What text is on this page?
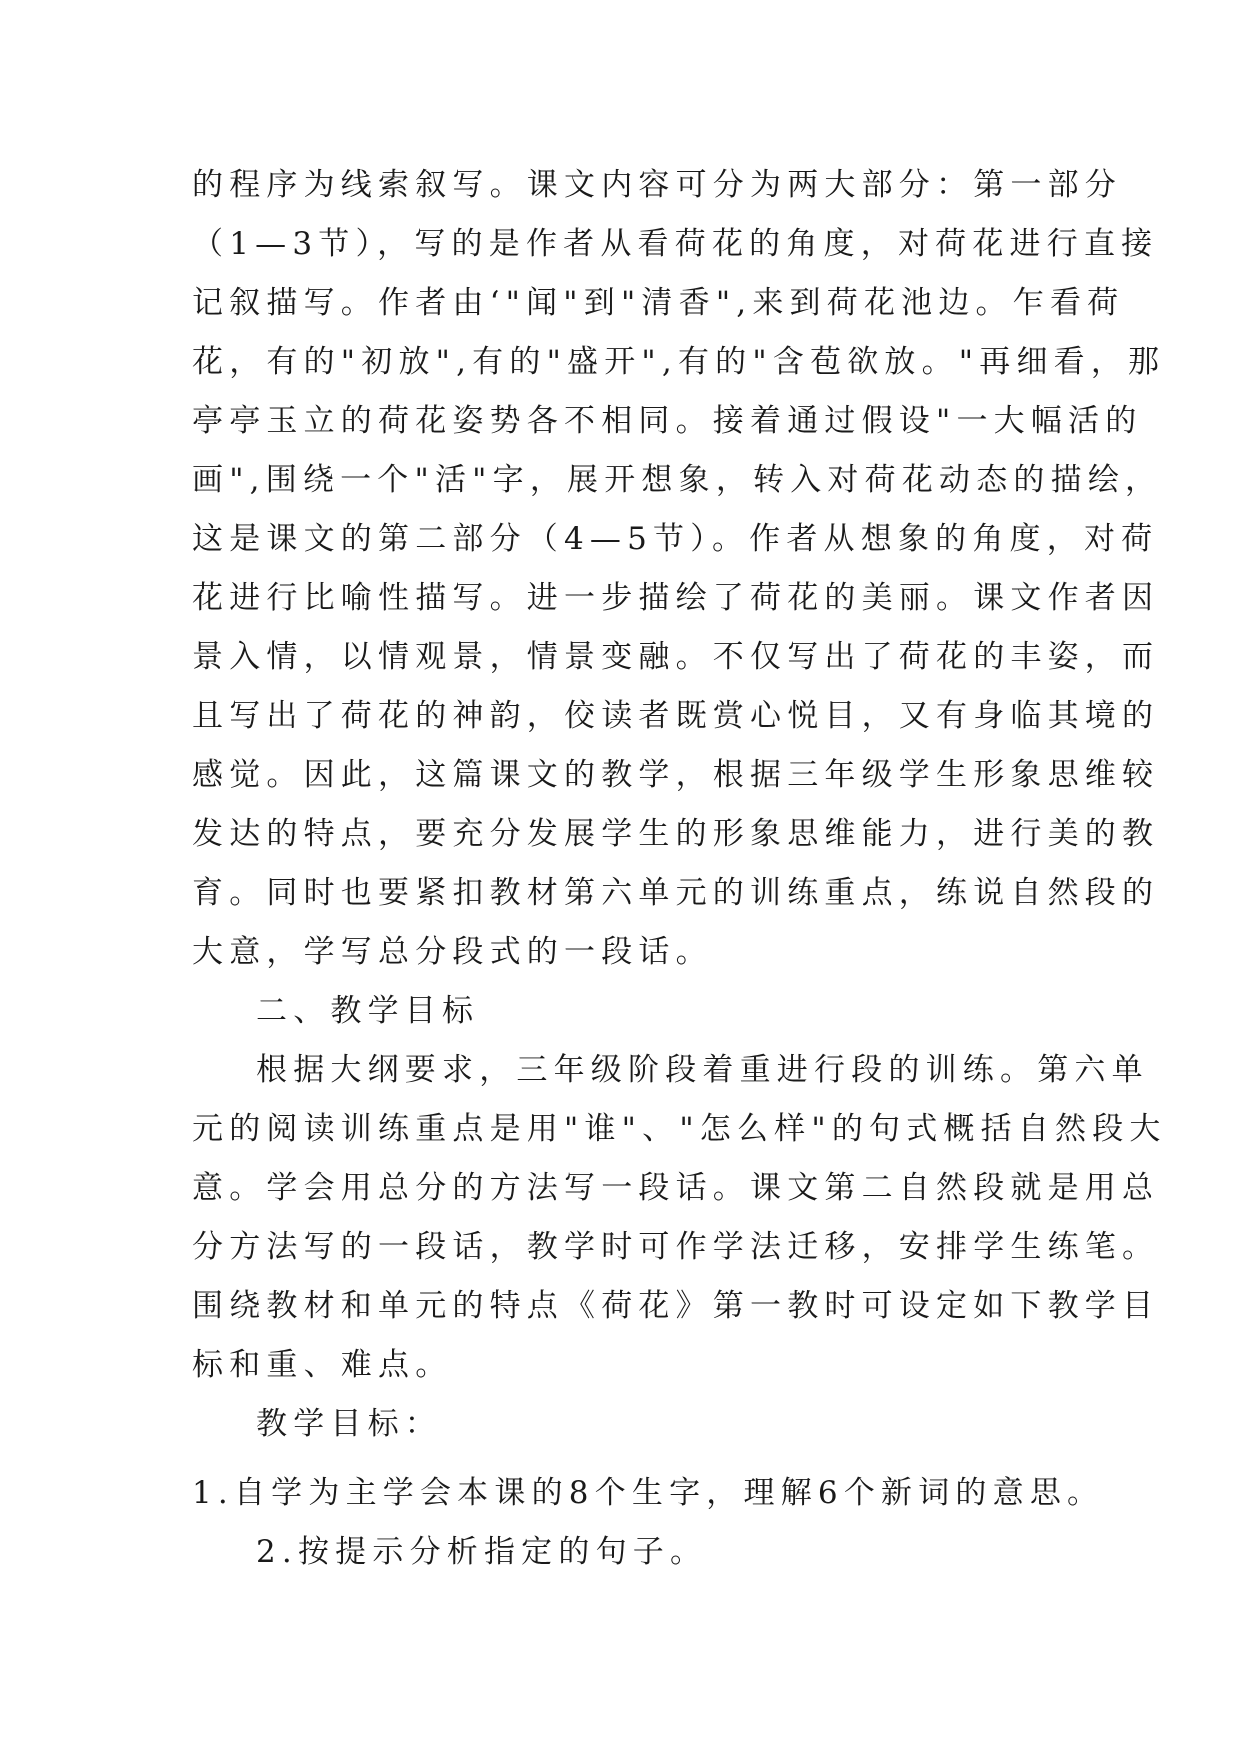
的程序为线索叙写。课文内容可分为两大部分：第一部分
（1—3节），写的是作者从看荷花的角度，对荷花进行直接
记叙描写。作者由‘"闻"到"清香",来到荷花池边。乍看荷
花，有的"初放",有的"盛开",有的"含苞欲放。"再细看，那
亭亭玉立的荷花姿势各不相同。接着通过假设"一大幅活的
画",围绕一个"活"字，展开想象，转入对荷花动态的描绘，
这是课文的第二部分（4—5节）。作者从想象的角度，对荷
花进行比喻性描写。进一步描绘了荷花的美丽。课文作者因
景入情，以情观景，情景变融。不仅写出了荷花的丰姿，而
且写出了荷花的神韵，佼读者既赏心悦目，又有身临其境的
感觉。因此，这篇课文的教学，根据三年级学生形象思维较
发达的特点，要充分发展学生的形象思维能力，进行美的教
育。同时也要紧扣教材第六单元的训练重点，练说自然段的
大意，学写总分段式的一段话。
二、教学目标
根据大纲要求，三年级阶段着重进行段的训练。第六单
元的阅读训练重点是用"谁"、"怎么样"的句式概括自然段大
意。学会用总分的方法写一段话。课文第二自然段就是用总
分方法写的一段话，教学时可作学法迁移，安排学生练笔。
围绕教材和单元的特点《荷花》第一教时可设定如下教学目
标和重、难点。
教学目标：
1.自学为主学会本课的8个生字，理解6个新词的意思。
2.按提示分析指定的句子。
